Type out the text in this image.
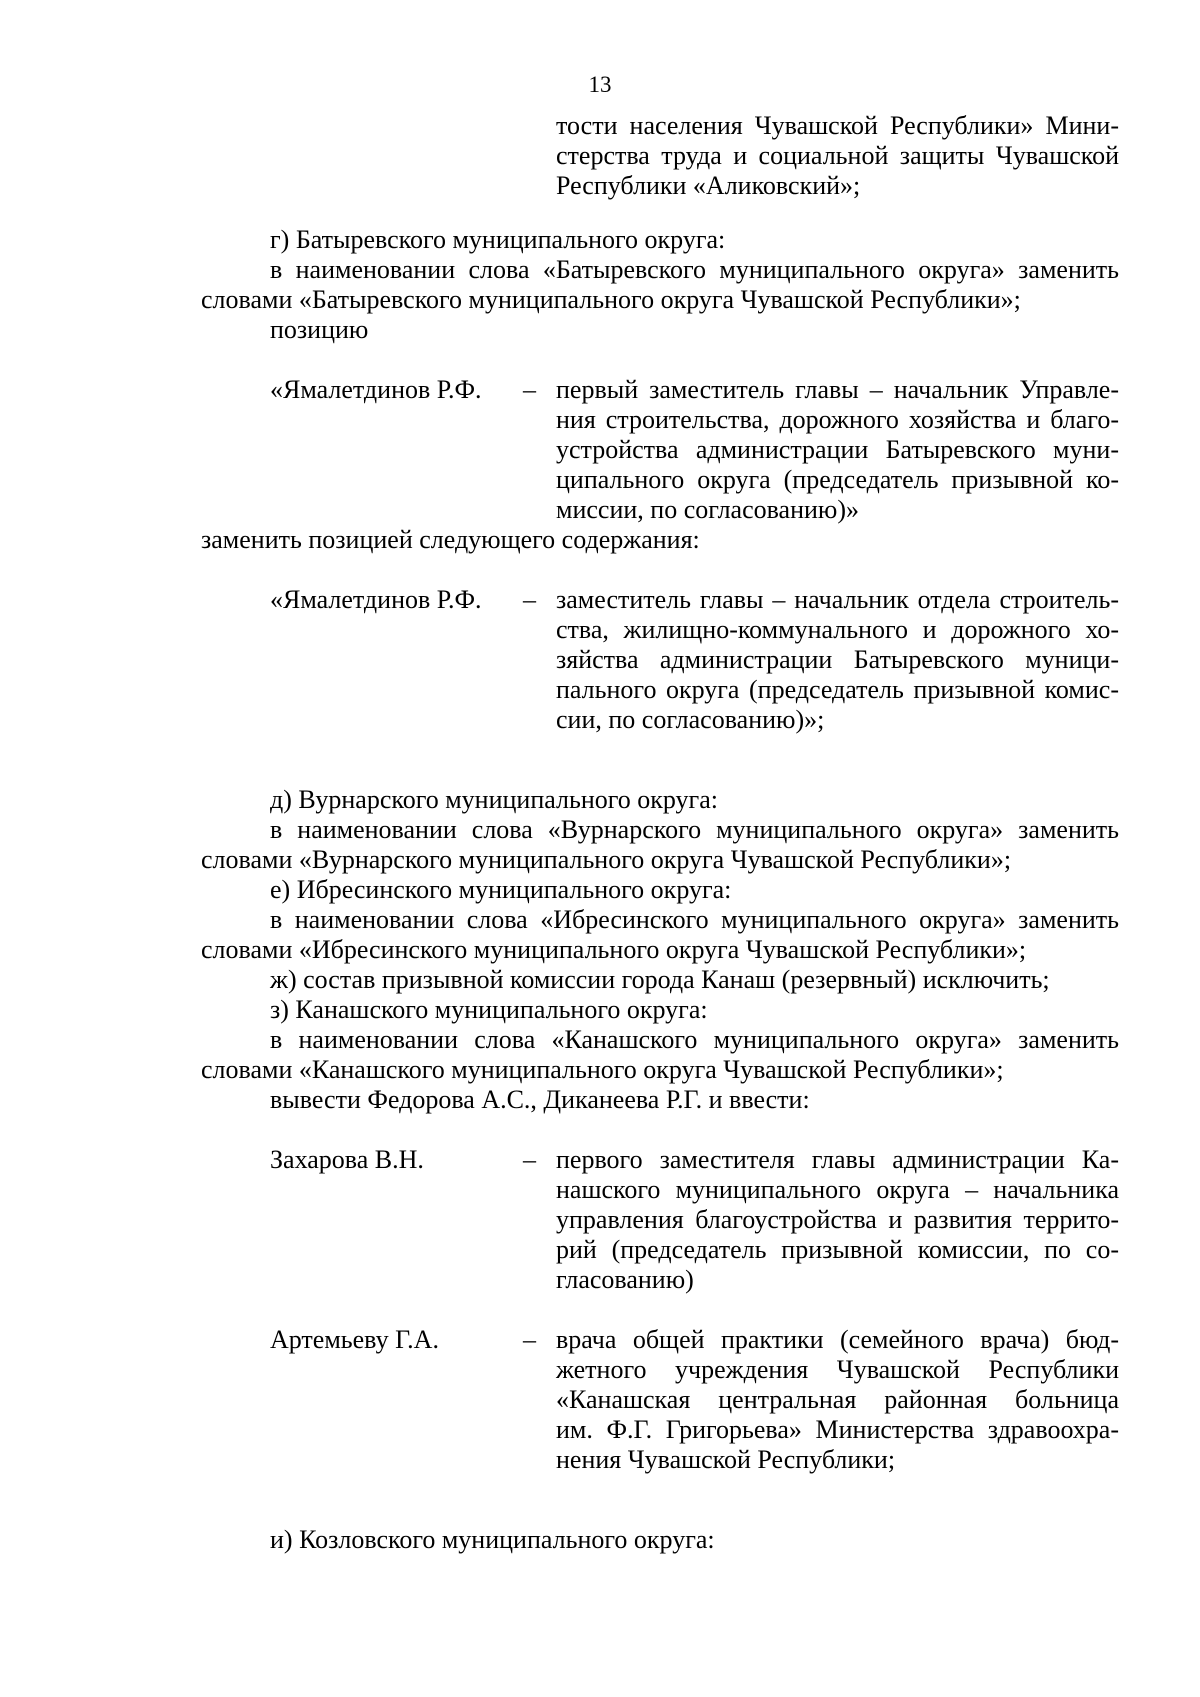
13
тости населения Чувашской Республики» Мини-
стерства труда и социальной защиты Чувашской
Республики «Аликовский»;
г) Батыревского муниципального округа:
в наименовании слова «Батыревского муниципального округа» заменить
словами «Батыревского муниципального округа Чувашской Республики»;
позицию
«Ямалетдинов Р.Ф. – первый заместитель главы – начальник Управле-
ния строительства, дорожного хозяйства и благо-
устройства администрации Батыревского муни-
ципального округа (председатель призывной ко-
миссии, по согласованию)»
заменить позицией следующего содержания:
«Ямалетдинов Р.Ф. – заместитель главы – начальник отдела строитель-
ства, жилищно-коммунального и дорожного хо-
зяйства администрации Батыревского муници-
пального округа (председатель призывной комис-
сии, по согласованию)»;
д) Вурнарского муниципального округа:
в наименовании слова «Вурнарского муниципального округа» заменить
словами «Вурнарского муниципального округа Чувашской Республики»;
е) Ибресинского муниципального округа:
в наименовании слова «Ибресинского муниципального округа» заменить
словами «Ибресинского муниципального округа Чувашской Республики»;
ж) состав призывной комиссии города Канаш (резервный) исключить;
з) Канашского муниципального округа:
в наименовании слова «Канашского муниципального округа» заменить
словами «Канашского муниципального округа Чувашской Республики»;
вывести Федорова А.С., Диканеева Р.Г. и ввести:
Захарова В.Н.	– первого заместителя главы администрации Ка-
нашского муниципального округа – начальника
управления благоустройства и развития террито-
рий (председатель призывной комиссии, по со-
гласованию)
Артемьеву Г.А.	– врача общей практики (семейного врача) бюд-
жетного учреждения Чувашской Республики
«Канашская центральная районная больница
им. Ф.Г. Григорьева» Министерства здравоохра-
нения Чувашской Республики;
и) Козловского муниципального округа:
